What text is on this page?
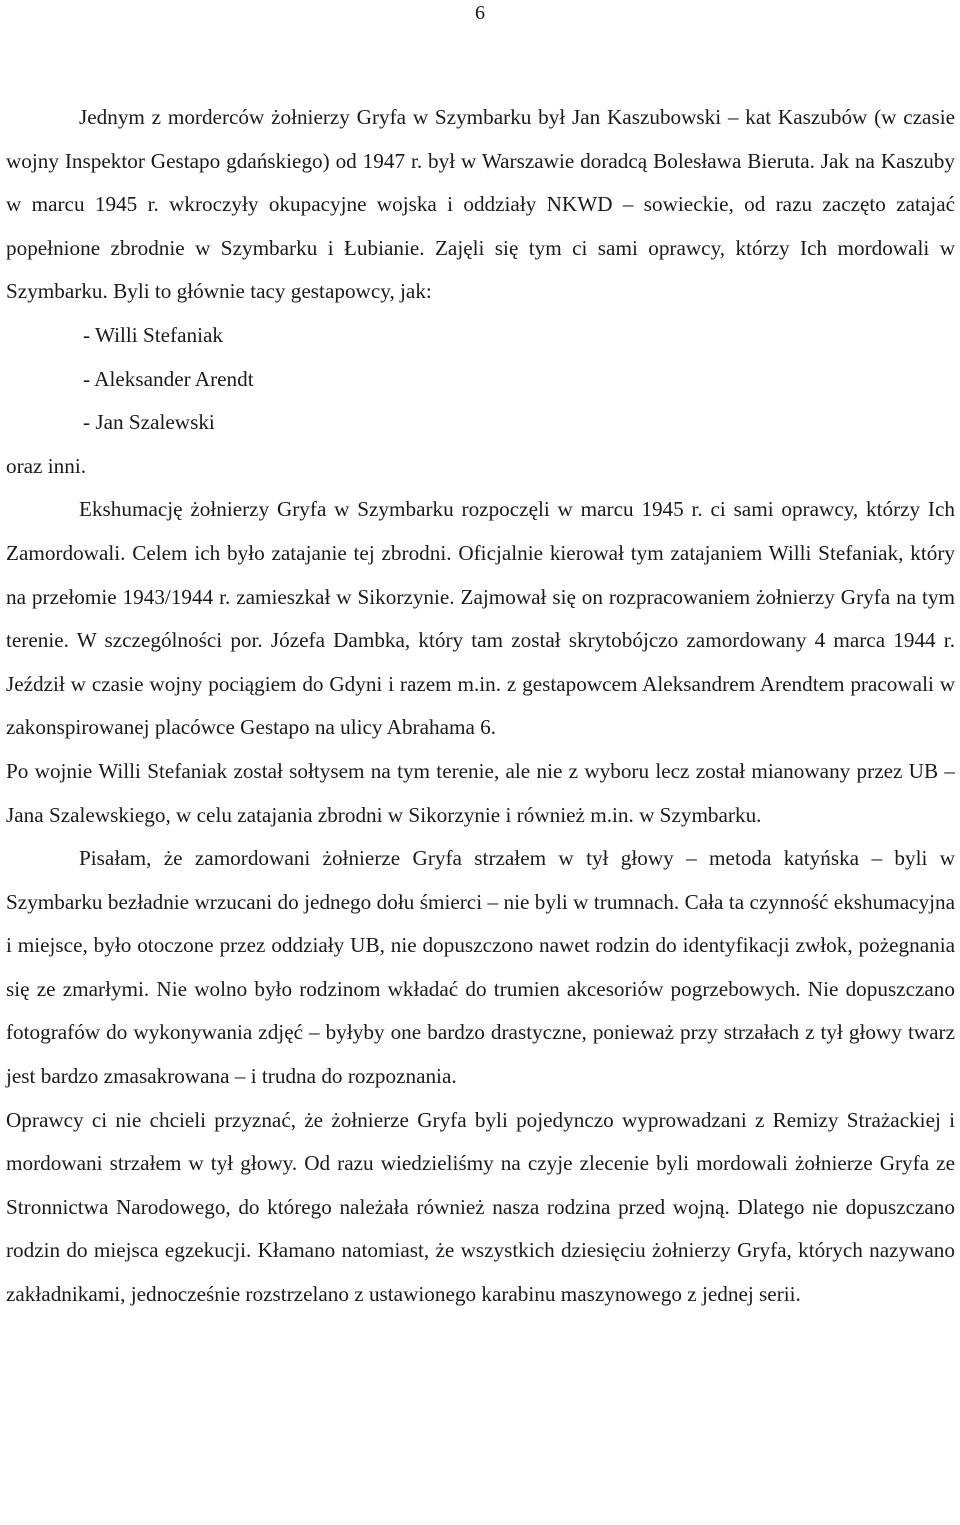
6

Jednym z morderców żołnierzy Gryfa w Szymbarku był Jan Kaszubowski – kat Kaszubów (w czasie wojny Inspektor Gestapo gdańskiego) od 1947 r. był w Warszawie doradcą Bolesława Bieruta. Jak na Kaszuby w marcu 1945 r. wkroczyły okupacyjne wojska i oddziały NKWD – sowieckie, od razu zaczęto zatajać popełnione zbrodnie w Szymbarku i Łubianie. Zajęli się tym ci sami oprawcy, którzy Ich mordowali w Szymbarku. Byli to głównie tacy gestapowcy, jak:

- Willi Stefaniak
- Aleksander Arendt
- Jan Szalewski

oraz inni.

Ekshumację żołnierzy Gryfa w Szymbarku rozpoczęli w marcu 1945 r. ci sami oprawcy, którzy Ich Zamordowali. Celem ich było zatajanie tej zbrodni. Oficjalnie kierował tym zatajaniem Willi Stefaniak, który na przełomie 1943/1944 r. zamieszkał w Sikorzynie. Zajmował się on rozpracowaniem żołnierzy Gryfa na tym terenie. W szczególności por. Józefa Dambka, który tam został skrytobójczo zamordowany 4 marca 1944 r. Jeździł w czasie wojny pociągiem do Gdyni i razem m.in. z gestapowcem Aleksandrem Arendtem pracowali w zakonspirowanej placówce Gestapo na ulicy Abrahama 6.

Po wojnie Willi Stefaniak został sołtysem na tym terenie, ale nie z wyboru lecz został mianowany przez UB – Jana Szalewskiego, w celu zatajania zbrodni w Sikorzynie i również m.in. w Szymbarku.

Pisałam, że zamordowani żołnierze Gryfa strzałem w tył głowy – metoda katyńska – byli w Szymbarku bezładnie wrzucani do jednego dołu śmierci – nie byli w trumnach. Cała ta czynność ekshumacyjna i miejsce, było otoczone przez oddziały UB, nie dopuszczono nawet rodzin do identyfikacji zwłok, pożegnania się ze zmarłymi. Nie wolno było rodzinom wkładać do trumien akcesoriów pogrzebowych. Nie dopuszczano fotografów do wykonywania zdjęć – byłyby one bardzo drastyczne, ponieważ przy strzałach z tył głowy twarz jest bardzo zmasakrowana – i trudna do rozpoznania.

Oprawcy ci nie chcieli przyznać, że żołnierze Gryfa byli pojedynczo wyprowadzani z Remizy Strażackiej i mordowani strzałem w tył głowy. Od razu wiedzieliśmy na czyje zlecenie byli mordowali żołnierze Gryfa ze Stronnictwa Narodowego, do którego należała również nasza rodzina przed wojną. Dlatego nie dopuszczano rodzin do miejsca egzekucji. Kłamano natomiast, że wszystkich dziesięciu żołnierzy Gryfa, których nazywano zakładnikami, jednocześnie rozstrzelano z ustawionego karabinu maszynowego z jednej serii.
